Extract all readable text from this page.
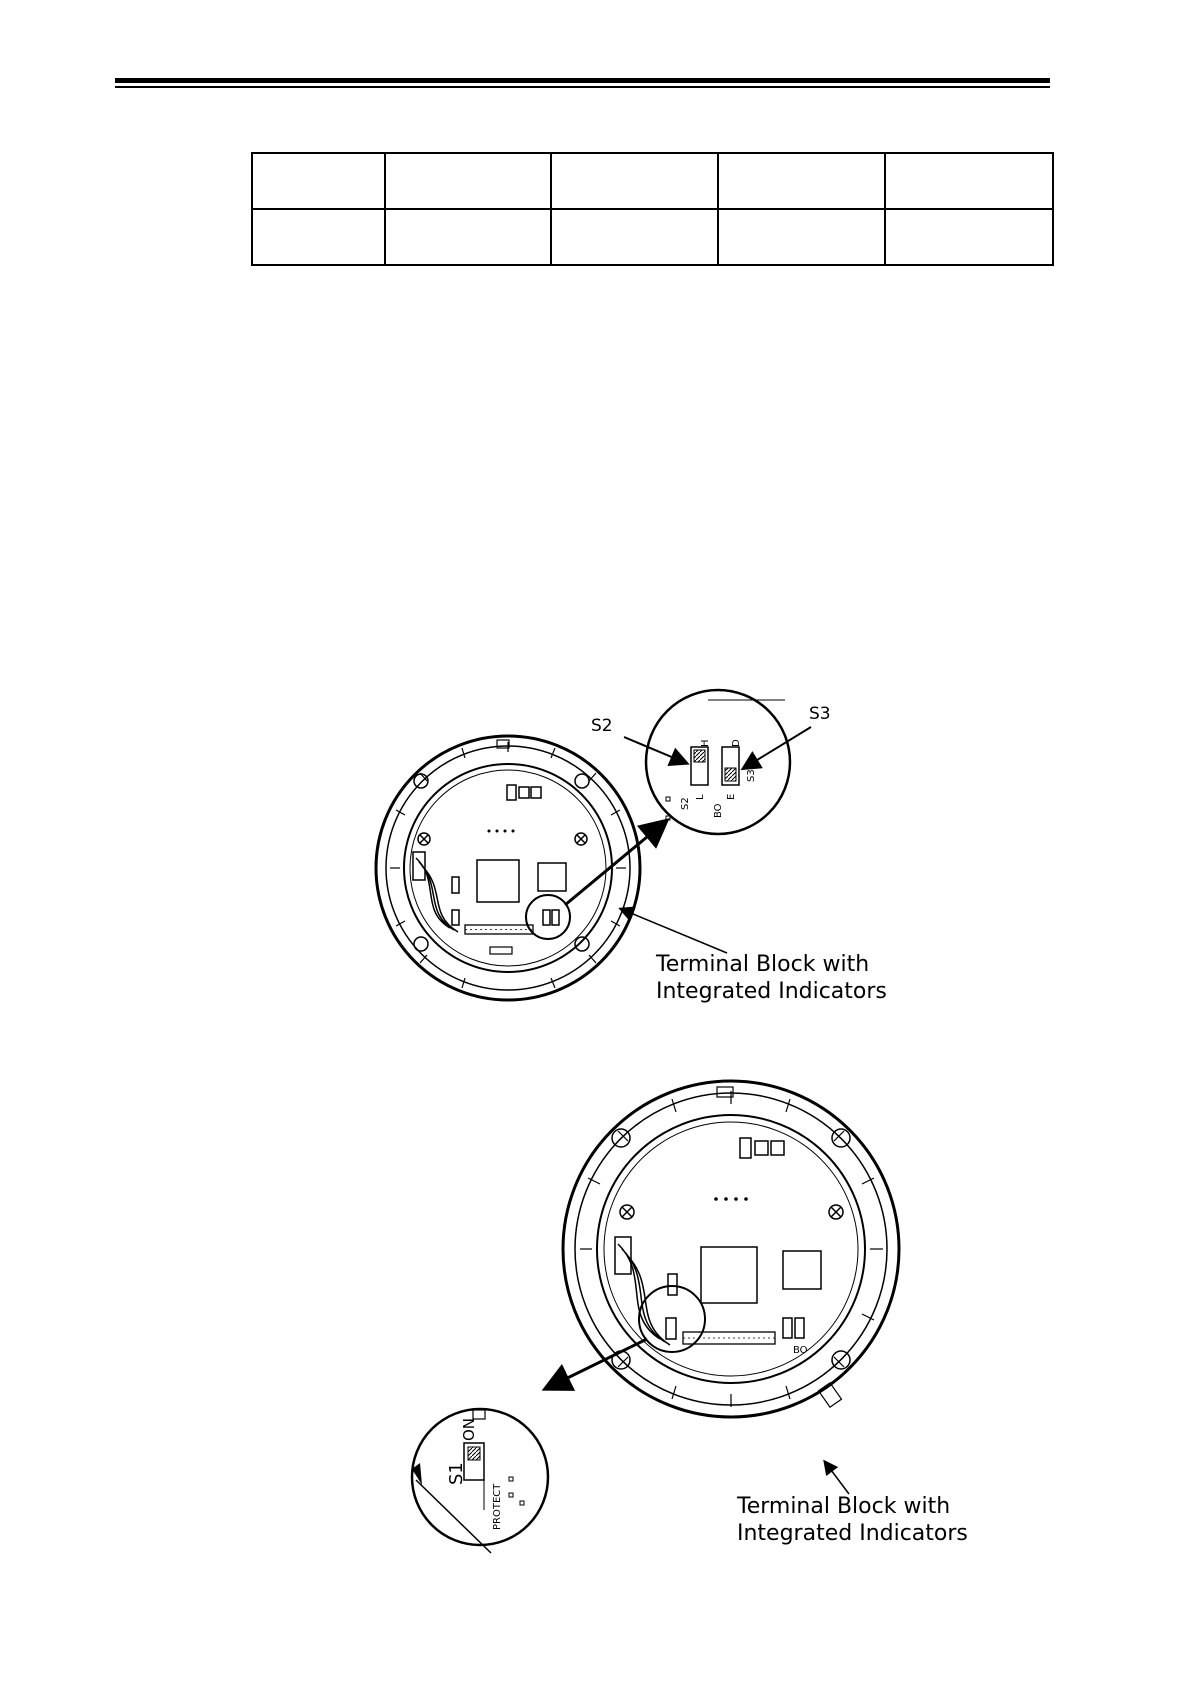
H
S2
L
D
S3
E
BO
S2
S3
Terminal Block with
Integrated Indicators
BO
S1
ON
PROTECT	Terminal Block with
Integrated Indicators
